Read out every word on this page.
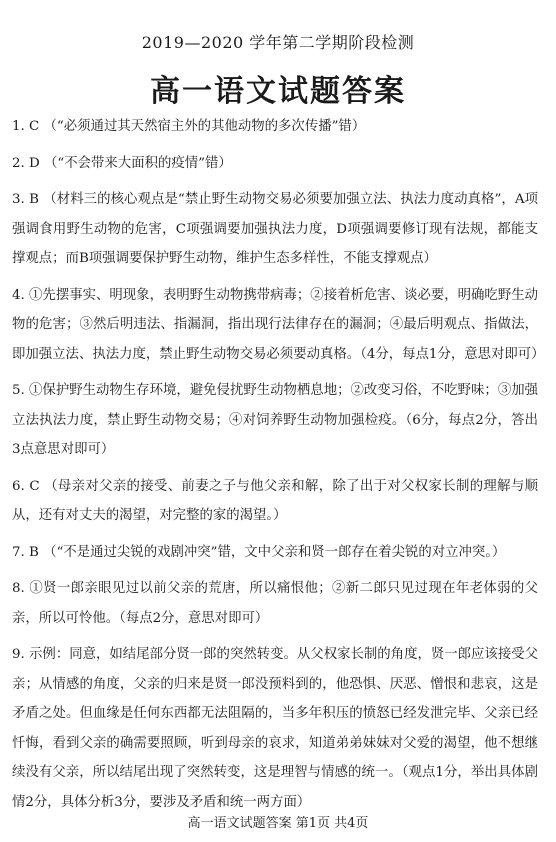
2019—2020 学年第二学期阶段检测
高一语文试题答案
1. C （“必须通过其天然宿主外的其他动物的多次传播”错）
2. D （“不会带来大面积的疫情”错）
3. B （材料三的核心观点是“禁止野生动物交易必须要加强立法、执法力度动真格”，A项强调食用野生动物的危害，C项强调要加强执法力度，D项强调要修订现有法规，都能支撑观点；而B项强调要保护野生动物，维护生态多样性，不能支撑观点）
4. ①先摆事实、明现象，表明野生动物携带病毒；②接着析危害、谈必要，明确吃野生动物的危害；③然后明违法、指漏洞，指出现行法律存在的漏洞；④最后明观点、指做法，即加强立法、执法力度，禁止野生动物交易必须要动真格。（4分，每点1分，意思对即可）
5. ①保护野生动物生存环境，避免侵扰野生动物栖息地；②改变习俗，不吃野味；③加强立法执法力度，禁止野生动物交易；④对饲养野生动物加强检疫。（6分，每点2分，答出3点意思对即可）
6. C （母亲对父亲的接受、前妻之子与他父亲和解，除了出于对父权家长制的理解与顺从，还有对丈夫的渴望，对完整的家的渴望。）
7. B （“不是通过尖锐的戏剧冲突”错，文中父亲和贤一郎存在着尖锐的对立冲突。）
8. ①贤一郎亲眼见过以前父亲的荒唐，所以痛恨他；②新二郎只见过现在年老体弱的父亲，所以可怜他。（每点2分，意思对即可）
9. 示例：同意，如结尾部分贤一郎的突然转变。从父权家长制的角度，贤一郎应该接受父亲；从情感的角度，父亲的归来是贤一郎没预料到的，他恐惧、厌恶、憎恨和悲哀，这是矛盾之处。但血缘是任何东西都无法阻隔的，当多年积压的愤怒已经发泄完毕、父亲已经忏悔，看到父亲的确需要照顾，听到母亲的哀求，知道弟弟妹妹对父爱的渴望，他不想继续没有父亲，所以结尾出现了突然转变，这是理智与情感的统一。（观点1分，举出具体剧情2分，具体分析3分，要涉及矛盾和统一两方面）
高一语文试题答案 第1页 共4页
